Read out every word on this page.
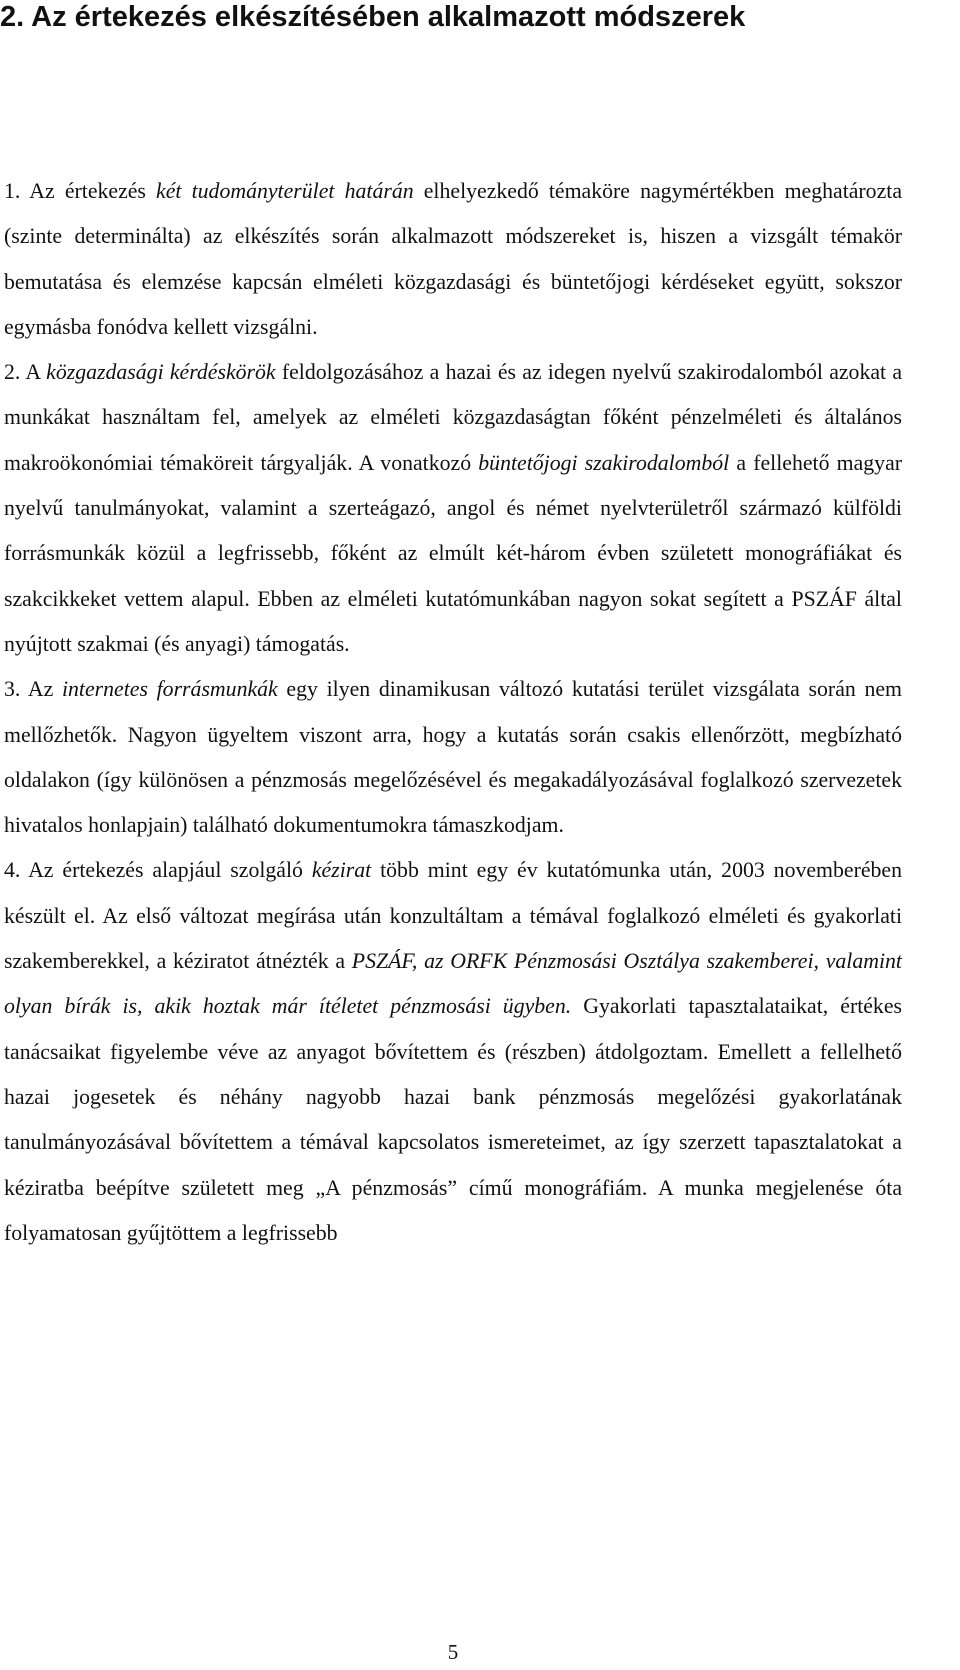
2. Az értekezés elkészítésében alkalmazott módszerek

1. Az értekezés két tudományterület határán elhelyezkedő témaköre nagymértékben meghatározta (szinte determinálta) az elkészítés során alkalmazott módszereket is, hiszen a vizsgált témakör bemutatása és elemzése kapcsán elméleti közgazdasági és büntetőjogi kérdéseket együtt, sokszor egymásba fonódva kellett vizsgálni.

2. A közgazdasági kérdéskörök feldolgozásához a hazai és az idegen nyelvű szakirodalomból azokat a munkákat használtam fel, amelyek az elméleti közgazdaságtan főként pénzelméleti és általános makroökonómiai témaköreit tárgyalják. A vonatkozó büntetőjogi szakirodalomból a fellehető magyar nyelvű tanulmányokat, valamint a szerteágazó, angol és német nyelvterületről származó külföldi forrásmunkák közül a legfrissebb, főként az elmúlt két-három évben született monográfiákat és szakcikkeket vettem alapul. Ebben az elméleti kutatómunkában nagyon sokat segített a PSZÁF által nyújtott szakmai (és anyagi) támogatás.

3. Az internetes forrásmunkák egy ilyen dinamikusan változó kutatási terület vizsgálata során nem mellőzhetők. Nagyon ügyeltem viszont arra, hogy a kutatás során csakis ellenőrzött, megbízható oldalakon (így különösen a pénzmosás megelőzésével és megakadályozásával foglalkozó szervezetek hivatalos honlapjain) található dokumentumokra támaszkodjam.

4. Az értekezés alapjául szolgáló kézirat több mint egy év kutatómunka után, 2003 novemberében készült el. Az első változat megírása után konzultáltam a témával foglalkozó elméleti és gyakorlati szakemberekkel, a kéziratot átnézték a PSZÁF, az ORFK Pénzmosási Osztálya szakemberei, valamint olyan bírák is, akik hoztak már ítéletet pénzmosási ügyben. Gyakorlati tapasztalataikat, értékes tanácsaikat figyelembe véve az anyagot bővítettem és (részben) átdolgoztam. Emellett a fellelhető hazai jogesetek és néhány nagyobb hazai bank pénzmosás megelőzési gyakorlatának tanulmányozásával bővítettem a témával kapcsolatos ismereteimet, az így szerzett tapasztalatokat a kéziratba beépítve született meg „A pénzmosás” című monográfiám. A munka megjelenése óta folyamatosan gyűjtöttem a legfrissebb

5
